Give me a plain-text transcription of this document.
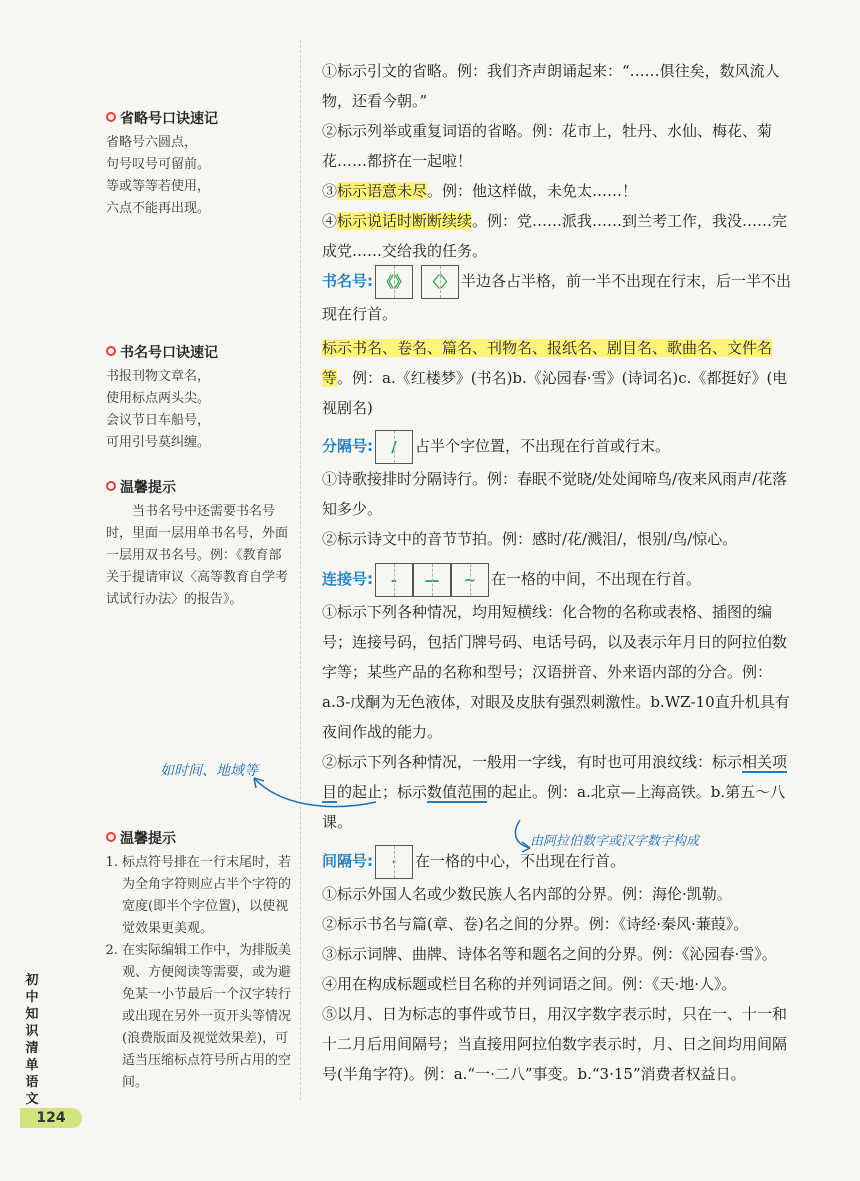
省略号口诀速记

省略号六圆点，

句号叹号可留前。

等或等等若使用，

六点不能再出现。

书名号口诀速记

书报刊物文章名，

使用标点两头尖。

会议节日车船号，

可用引号莫纠缠。

温馨提示

当书名号中还需要书名号时，里面一层用单书名号，外面一层用双书名号。例：《教育部关于提请审议〈高等教育自学考试试行办法〉的报告》。

温馨提示
1. 标点符号排在一行末尾时，若为全角字符则应占半个字符的宽度(即半个字位置)，以使视觉效果更美观。
2. 在实际编辑工作中，为排版美观、方便阅读等需要，或为避免某一小节最后一个汉字转行或出现在另外一页开头等情况(浪费版面及视觉效果差)，可适当压缩标点符号所占用的空间。

①标示引文的省略。例：我们齐声朗诵起来：“……俱往矣，数风流人物，还看今朝。”

②标示列举或重复词语的省略。例：花市上，牡丹、水仙、梅花、菊花……都挤在一起啦！

③标示语意未尽。例：他这样做，未免太……！

④标示说话时断断续续。例：党……派我……到兰考工作，我没……完成党……交给我的任务。

书名号: 《》 〈〉 半边各占半格，前一半不出现在行末，后一半不出现在行首。

标示书名、卷名、篇名、刊物名、报纸名、剧目名、歌曲名、文件名等。例：a.《红楼梦》(书名)b.《沁园春·雪》(诗词名)c.《都挺好》(电视剧名)

分隔号:	/	占半个字位置，不出现在行首或行末。

①诗歌接排时分隔诗行。例：春眠不觉晓/处处闻啼鸟/夜来风雨声/花落知多少。

②标示诗文中的音节节拍。例：感时/花/溅泪/，恨别/鸟/惊心。

连接号:	-	—	~ 在一格的中间，不出现在行首。

①标示下列各种情况，均用短横线：化合物的名称或表格、插图的编号；连接号码，包括门牌号码、电话号码，以及表示年月日的阿拉伯数字等；某些产品的名称和型号；汉语拼音、外来语内部的分合。例：a.3-戊酮为无色液体，对眼及皮肤有强烈刺激性。b.WZ-10直升机具有夜间作战的能力。

②标示下列各种情况，一般用一字线，有时也可用浪纹线：标示相关项目的起止；标示数值范围的起止。例：a.北京—上海高铁。b.第五～八课。

间隔号:	·	在一格的中心，不出现在行首。

①标示外国人名或少数民族人名内部的分界。例：海伦·凯勒。

②标示书名与篇(章、卷)名之间的分界。例：《诗经·秦风·蒹葭》。

③标示词牌、曲牌、诗体名等和题名之间的分界。例：《沁园春·雪》。

④用在构成标题或栏目名称的并列词语之间。例：《天·地·人》。

⑤以月、日为标志的事件或节日，用汉字数字表示时，只在一、十一和十二月后用间隔号；当直接用阿拉伯数字表示时，月、日之间均用间隔号(半角字符)。例：a.“一·二八”事变。b.“3·15”消费者权益日。

如时间、地域等
由阿拉伯数字或汉字数字构成
初中知识清单 语文
124
